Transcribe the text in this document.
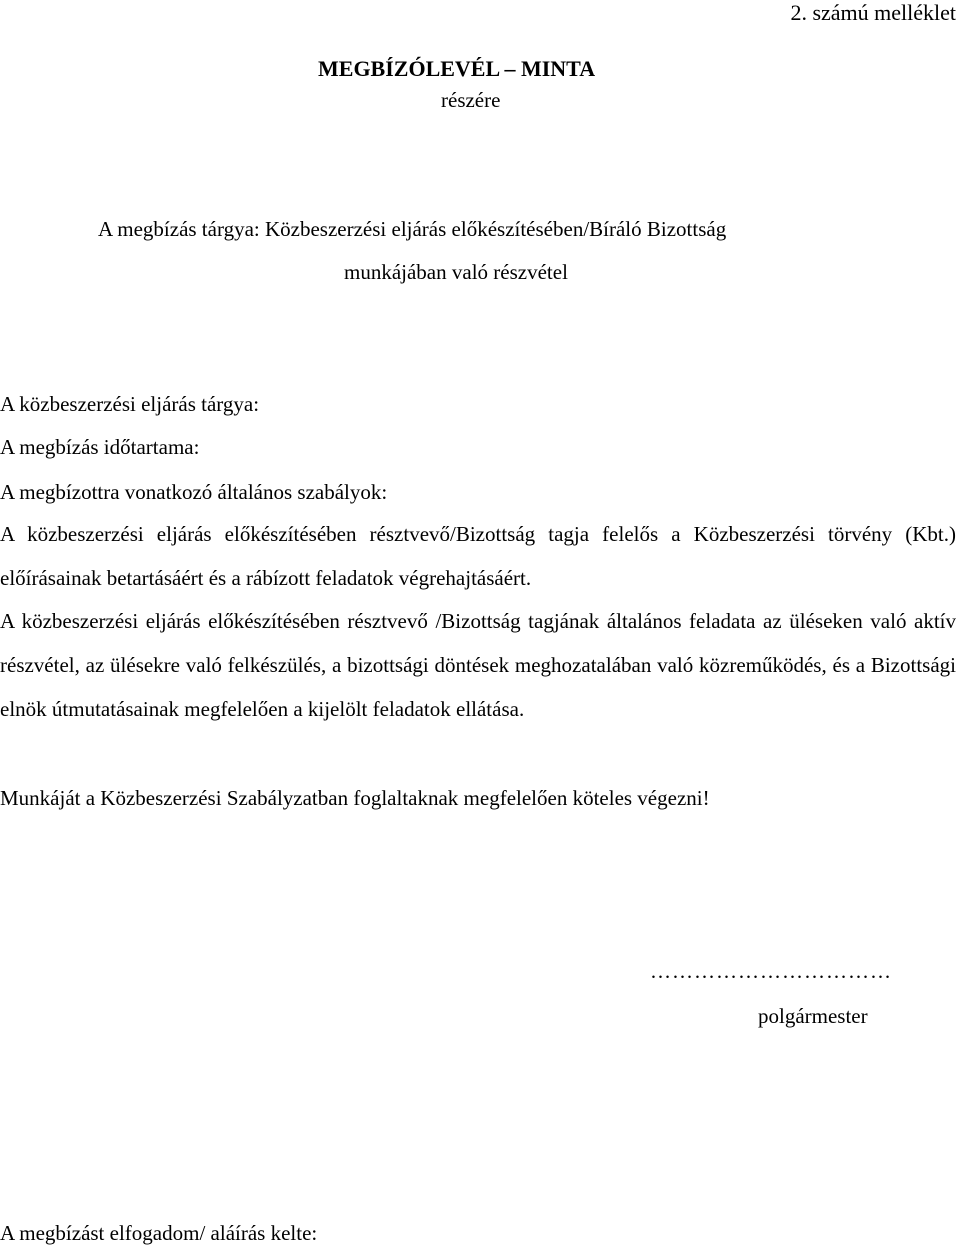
2. számú melléklet
MEGBÍZÓLEVÉL – MINTA
részére
A megbízás tárgya: Közbeszerzési eljárás előkészítésében/Bíráló Bizottság
munkájában való részvétel
A közbeszerzési eljárás tárgya:
A megbízás időtartama:
A megbízottra vonatkozó általános szabályok:
A közbeszerzési eljárás előkészítésében résztvevő/Bizottság tagja felelős a Közbeszerzési törvény (Kbt.) előírásainak betartásáért és a rábízott feladatok végrehajtásáért.
A közbeszerzési eljárás előkészítésében résztvevő /Bizottság tagjának általános feladata az üléseken való aktív részvétel, az ülésekre való felkészülés, a bizottsági döntések meghozatalában való közreműködés, és a Bizottsági elnök útmutatásainak megfelelően a kijelölt feladatok ellátása.
Munkáját a Közbeszerzési Szabályzatban foglaltaknak megfelelően köteles végezni!
……………………………
polgármester
A megbízást elfogadom/ aláírás kelte:
